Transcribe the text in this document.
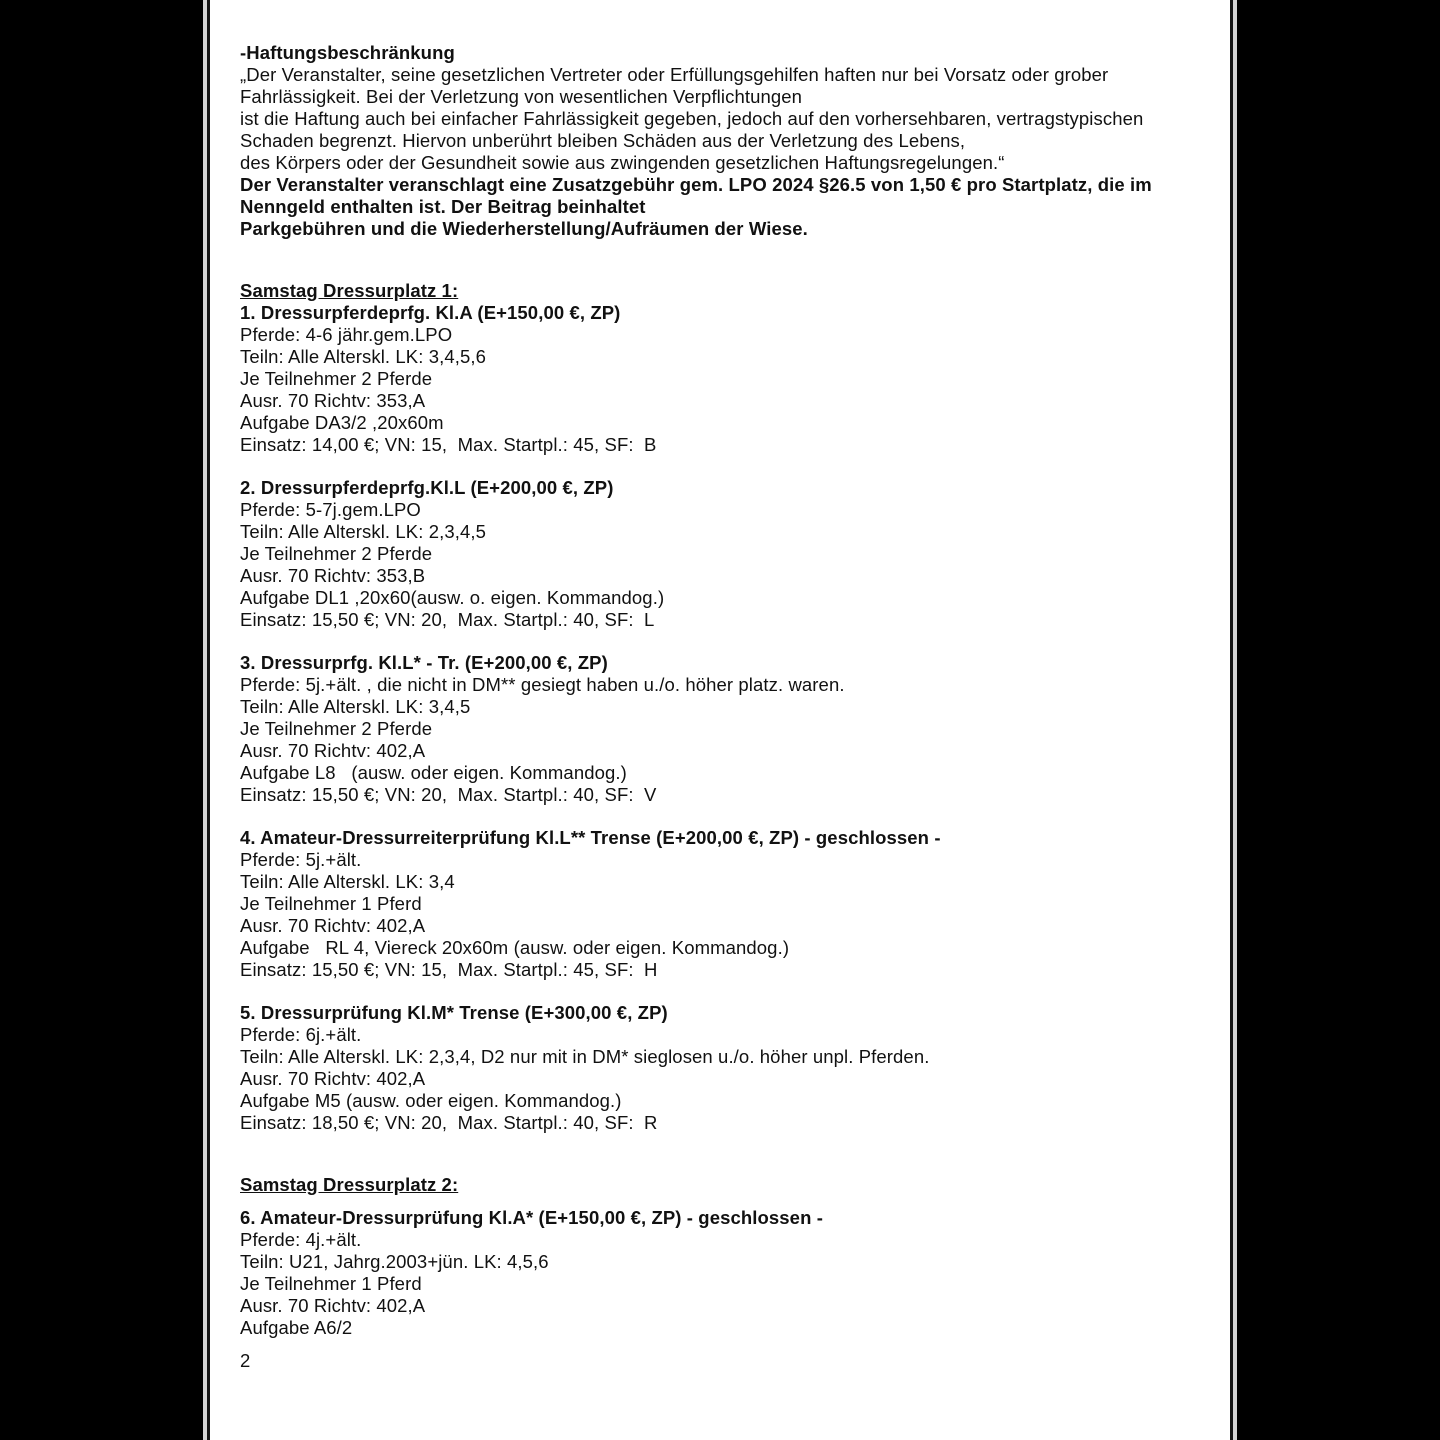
-Haftungsbeschränkung
„Der Veranstalter, seine gesetzlichen Vertreter oder Erfüllungsgehilfen haften nur bei Vorsatz oder grober
Fahrlässigkeit. Bei der Verletzung von wesentlichen Verpflichtungen
ist die Haftung auch bei einfacher Fahrlässigkeit gegeben, jedoch auf den vorhersehbaren, vertragstypischen
Schaden begrenzt. Hiervon unberührt bleiben Schäden aus der Verletzung des Lebens,
des Körpers oder der Gesundheit sowie aus zwingenden gesetzlichen Haftungsregelungen.“
Der Veranstalter veranschlagt eine Zusatzgebühr gem. LPO 2024 §26.5 von 1,50 € pro Startplatz, die im
Nenngeld enthalten ist. Der Beitrag beinhaltet
Parkgebühren und die Wiederherstellung/Aufräumen der Wiese.
Samstag Dressurplatz 1:
1. Dressurpferdeprfg. Kl.A (E+150,00 €, ZP)
Pferde: 4-6 jähr.gem.LPO
Teiln: Alle Alterskl. LK: 3,4,5,6
Je Teilnehmer 2 Pferde
Ausr. 70 Richtv: 353,A
Aufgabe DA3/2 ,20x60m
Einsatz: 14,00 €; VN: 15,  Max. Startpl.: 45, SF:  B
2. Dressurpferdeprfg.Kl.L (E+200,00 €, ZP)
Pferde: 5-7j.gem.LPO
Teiln: Alle Alterskl. LK: 2,3,4,5
Je Teilnehmer 2 Pferde
Ausr. 70 Richtv: 353,B
Aufgabe DL1 ,20x60(ausw. o. eigen. Kommandog.)
Einsatz: 15,50 €; VN: 20,  Max. Startpl.: 40, SF:  L
3. Dressurprfg. Kl.L* - Tr. (E+200,00 €, ZP)
Pferde: 5j.+ält. , die nicht in DM** gesiegt haben u./o. höher platz. waren.
Teiln: Alle Alterskl. LK: 3,4,5
Je Teilnehmer 2 Pferde
Ausr. 70 Richtv: 402,A
Aufgabe L8   (ausw. oder eigen. Kommandog.)
Einsatz: 15,50 €; VN: 20,  Max. Startpl.: 40, SF:  V
4. Amateur-Dressurreiterprüfung Kl.L** Trense (E+200,00 €, ZP) - geschlossen -
Pferde: 5j.+ält.
Teiln: Alle Alterskl. LK: 3,4
Je Teilnehmer 1 Pferd
Ausr. 70 Richtv: 402,A
Aufgabe   RL 4, Viereck 20x60m (ausw. oder eigen. Kommandog.)
Einsatz: 15,50 €; VN: 15,  Max. Startpl.: 45, SF:  H
5. Dressurprüfung Kl.M* Trense (E+300,00 €, ZP)
Pferde: 6j.+ält.
Teiln: Alle Alterskl. LK: 2,3,4, D2 nur mit in DM* sieglosen u./o. höher unpl. Pferden.
Ausr. 70 Richtv: 402,A
Aufgabe M5 (ausw. oder eigen. Kommandog.)
Einsatz: 18,50 €; VN: 20,  Max. Startpl.: 40, SF:  R
Samstag Dressurplatz 2:
6. Amateur-Dressurprüfung Kl.A* (E+150,00 €, ZP) - geschlossen -
Pferde: 4j.+ält.
Teiln: U21, Jahrg.2003+jün. LK: 4,5,6
Je Teilnehmer 1 Pferd
Ausr. 70 Richtv: 402,A
Aufgabe A6/2
2
